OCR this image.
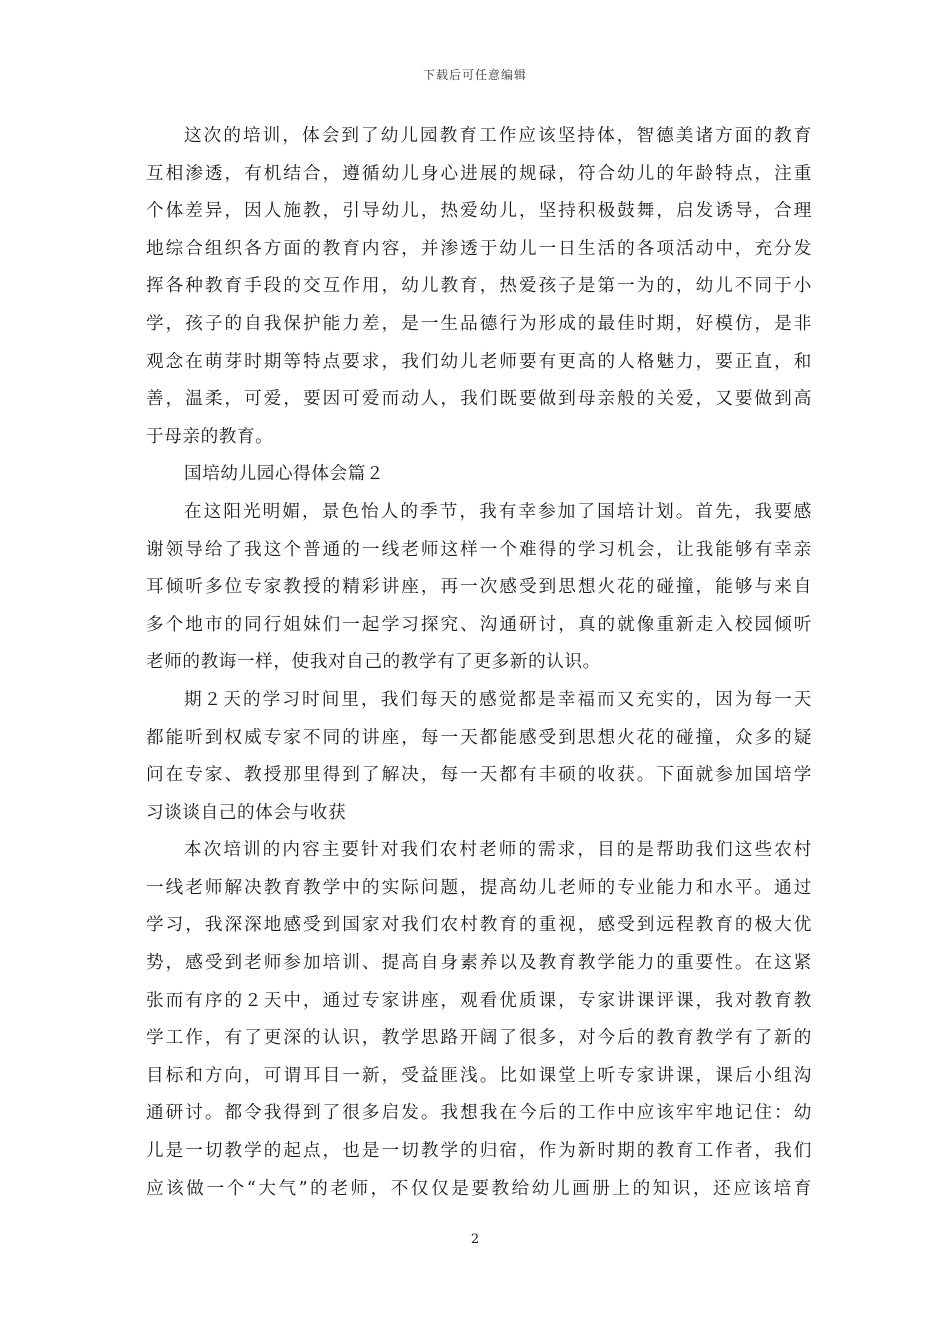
下载后可任意编辑
这次的培训，体会到了幼儿园教育工作应该坚持体，智德美诸方面的教育
互相渗透，有机结合，遵循幼儿身心进展的规碌，符合幼儿的年龄特点，注重
个体差异，因人施教，引导幼儿，热爱幼儿，坚持积极鼓舞，启发诱导，合理
地综合组织各方面的教育内容，并渗透于幼儿一日生活的各项活动中，充分发
挥各种教育手段的交互作用，幼儿教育，热爱孩子是第一为的，幼儿不同于小
学，孩子的自我保护能力差，是一生品德行为形成的最佳时期，好模仿，是非
观念在萌芽时期等特点要求，我们幼儿老师要有更高的人格魅力，要正直，和
善，温柔，可爱，要因可爱而动人，我们既要做到母亲般的关爱，又要做到高
于母亲的教育。
国培幼儿园心得体会篇２
在这阳光明媚，景色怡人的季节，我有幸参加了国培计划。首先，我要感
谢领导给了我这个普通的一线老师这样一个难得的学习机会，让我能够有幸亲
耳倾听多位专家教授的精彩讲座，再一次感受到思想火花的碰撞，能够与来自
多个地市的同行姐妹们一起学习探究、沟通研讨，真的就像重新走入校园倾听
老师的教诲一样，使我对自己的教学有了更多新的认识。
期２天的学习时间里，我们每天的感觉都是幸福而又充实的，因为每一天
都能听到权威专家不同的讲座，每一天都能感受到思想火花的碰撞，众多的疑
问在专家、教授那里得到了解决，每一天都有丰硕的收获。下面就参加国培学
习谈谈自己的体会与收获
本次培训的内容主要针对我们农村老师的需求，目的是帮助我们这些农村
一线老师解决教育教学中的实际问题，提高幼儿老师的专业能力和水平。通过
学习，我深深地感受到国家对我们农村教育的重视，感受到远程教育的极大优
势，感受到老师参加培训、提高自身素养以及教育教学能力的重要性。在这紧
张而有序的２天中，通过专家讲座，观看优质课，专家讲课评课，我对教育教
学工作，有了更深的认识，教学思路开阔了很多，对今后的教育教学有了新的
目标和方向，可谓耳目一新，受益匪浅。比如课堂上听专家讲课，课后小组沟
通研讨。都令我得到了很多启发。我想我在今后的工作中应该牢牢地记住：幼
儿是一切教学的起点，也是一切教学的归宿，作为新时期的教育工作者，我们
应该做一个“大气”的老师，不仅仅是要教给幼儿画册上的知识，还应该培育
2
